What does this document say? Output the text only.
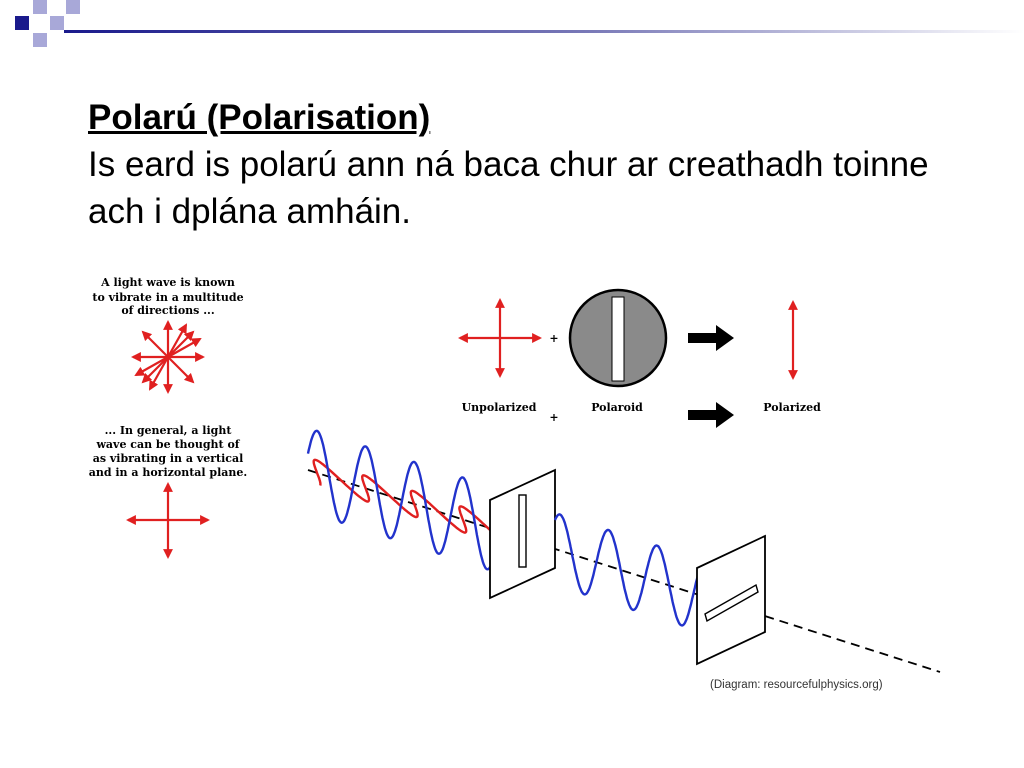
Polarú (Polarisation)
Is eard is polarú ann ná baca chur ar creathadh toinne ach i dplána amháin.
A light wave is known
to vibrate in a multitude
of directions ...
... In general, a light
wave can be thought of
as vibrating in a vertical
and in a horizontal plane.
+
Unpolarized	Polaroid	Polarized
+
(Diagram: resourcefulphysics.org)
